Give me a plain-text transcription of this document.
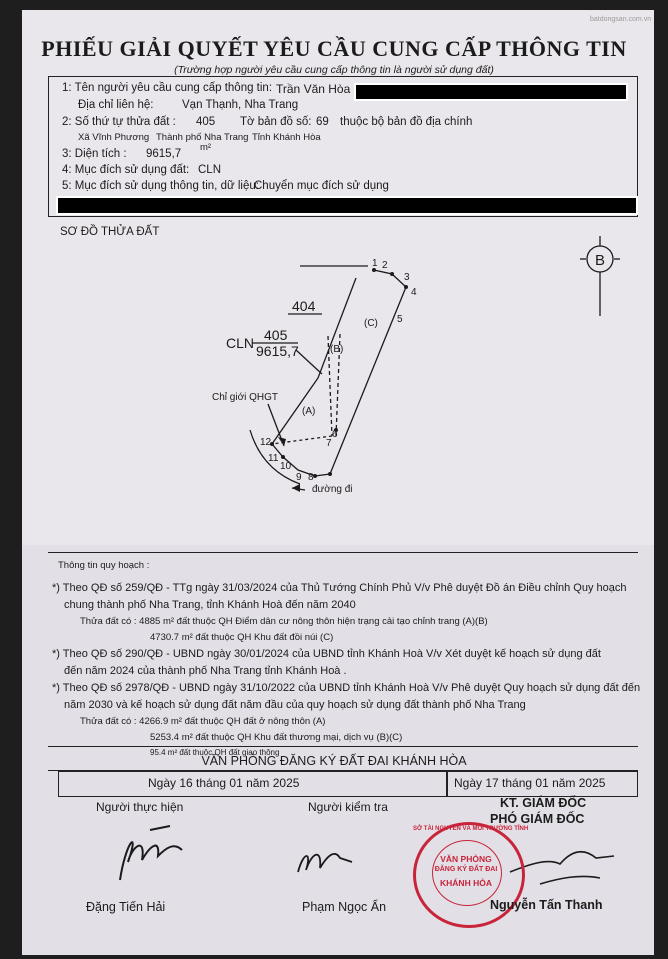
PHIẾU GIẢI QUYẾT YÊU CẦU CUNG CẤP THÔNG TIN
(Trường hợp người yêu cầu cung cấp thông tin là người sử dụng đất)
batdongsan.com.vn
1: Tên người yêu cầu cung cấp thông tin: Trần Văn Hòa
Địa chỉ liên hệ: Vạn Thạnh, Nha Trang
2: Số thứ tự thửa đất : 405 Tờ bản đồ số: 69 thuộc bộ bản đồ địa chính
Xã Vĩnh Phương Thành phố Nha Trang Tỉnh Khánh Hòa
3: Diện tích : 9615,7
m²
4: Mục đích sử dụng đất: CLN
5: Mục đích sử dụng thông tin, dữ liệu:
Chuyển mục đích sử dụng
SƠ ĐỒ THỬA ĐẤT
B
1 2
3
4
5
6
7
8
9
10
11
12
(C)
(B)
(A)
Chỉ giới QHGT
đường đi
404
CLN 405
9615,7
Thông tin quy hoạch :
*) Theo QĐ số 259/QĐ - TTg ngày 31/03/2024 của Thủ Tướng Chính Phủ V/v Phê duyệt Đồ án Điều chỉnh Quy hoạch
chung thành phố Nha Trang, tỉnh Khánh Hoà đến năm 2040
Thửa đất có : 4885 m² đất thuộc QH Điểm dân cư nông thôn hiện trạng cải tạo chỉnh trang (A)(B)
4730.7 m² đất thuộc QH Khu đất đồi núi (C)
*) Theo QĐ số 290/QĐ - UBND ngày 30/01/2024 của UBND tỉnh Khánh Hoà V/v Xét duyệt kế hoạch sử dụng đất
đến năm 2024 của thành phố Nha Trang tỉnh Khánh Hoà .
*) Theo QĐ số 2978/QĐ - UBND ngày 31/10/2022 của UBND tỉnh Khánh Hoà V/v Phê duyệt Quy hoạch sử dụng đất đến
năm 2030 và kế hoạch sử dụng đất năm đầu của quy hoạch sử dụng đất thành phố Nha Trang
Thửa đất có : 4266.9 m² đất thuộc QH đất ở nông thôn (A)
5253.4 m² đất thuộc QH Khu đất thương mại, dịch vụ (B)(C)
95.4 m² đất thuộc QH đất giao thông
VĂN PHÒNG ĐĂNG KÝ ĐẤT ĐAI KHÁNH HÒA
Ngày 16 tháng 01 năm 2025	Ngày 17 tháng 01 năm 2025
Người thực hiện	Người kiểm tra	KT. GIÁM ĐỐC
PHÓ GIÁM ĐỐC
VĂN PHÒNG
ĐĂNG KÝ ĐẤT ĐAI
KHÁNH HÒA
SỞ TÀI NGUYÊN VÀ MÔI TRƯỜNG TỈNH
Đặng Tiến Hải	Phạm Ngọc Ẩn	Nguyễn Tấn Thanh
